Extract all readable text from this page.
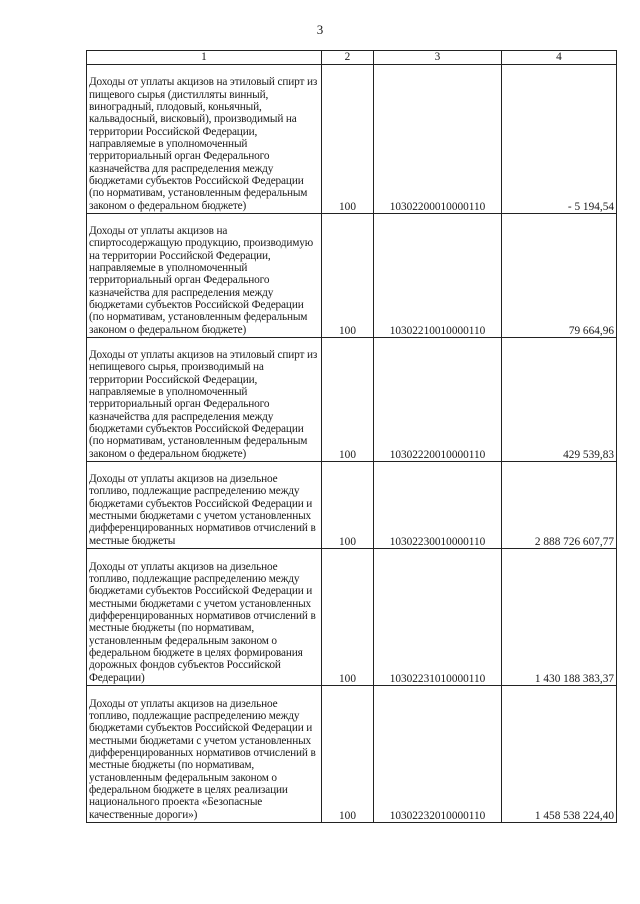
3
1	2	3	4

Доходы от уплаты акцизов на этиловый спирт из пищевого сырья (дистилляты винный, виноградный, плодовый, коньячный, кальвадосный, висковый), производимый на территории Российской Федерации, направляемые в уполномоченный территориальный орган Федерального казначейства для распределения между бюджетами субъектов Российской Федерации (по нормативам, установленным федеральным законом о федеральном бюджете)	100	10302200010000110	- 5 194,54

Доходы от уплаты акцизов на спиртосодержащую продукцию, производимую на территории Российской Федерации, направляемые в уполномоченный территориальный орган Федерального казначейства для распределения между бюджетами субъектов Российской Федерации (по нормативам, установленным федеральным законом о федеральном бюджете)	100	10302210010000110	79 664,96

Доходы от уплаты акцизов на этиловый спирт из непищевого сырья, производимый на территории Российской Федерации, направляемые в уполномоченный территориальный орган Федерального казначейства для распределения между бюджетами субъектов Российской Федерации (по нормативам, установленным федеральным законом о федеральном бюджете)	100	10302220010000110	429 539,83

Доходы от уплаты акцизов на дизельное топливо, подлежащие распределению между бюджетами субъектов Российской Федерации и местными бюджетами с учетом установленных дифференцированных нормативов отчислений в местные бюджеты	100	10302230010000110	2 888 726 607,77

Доходы от уплаты акцизов на дизельное топливо, подлежащие распределению между бюджетами субъектов Российской Федерации и местными бюджетами с учетом установленных дифференцированных нормативов отчислений в местные бюджеты (по нормативам, установленным федеральным законом о федеральном бюджете в целях формирования дорожных фондов субъектов Российской Федерации)	100	10302231010000110	1 430 188 383,37

Доходы от уплаты акцизов на дизельное топливо, подлежащие распределению между бюджетами субъектов Российской Федерации и местными бюджетами с учетом установленных дифференцированных нормативов отчислений в местные бюджеты (по нормативам, установленным федеральным законом о федеральном бюджете в целях реализации национального проекта «Безопасные качественные дороги»)	100	10302232010000110	1 458 538 224,40
